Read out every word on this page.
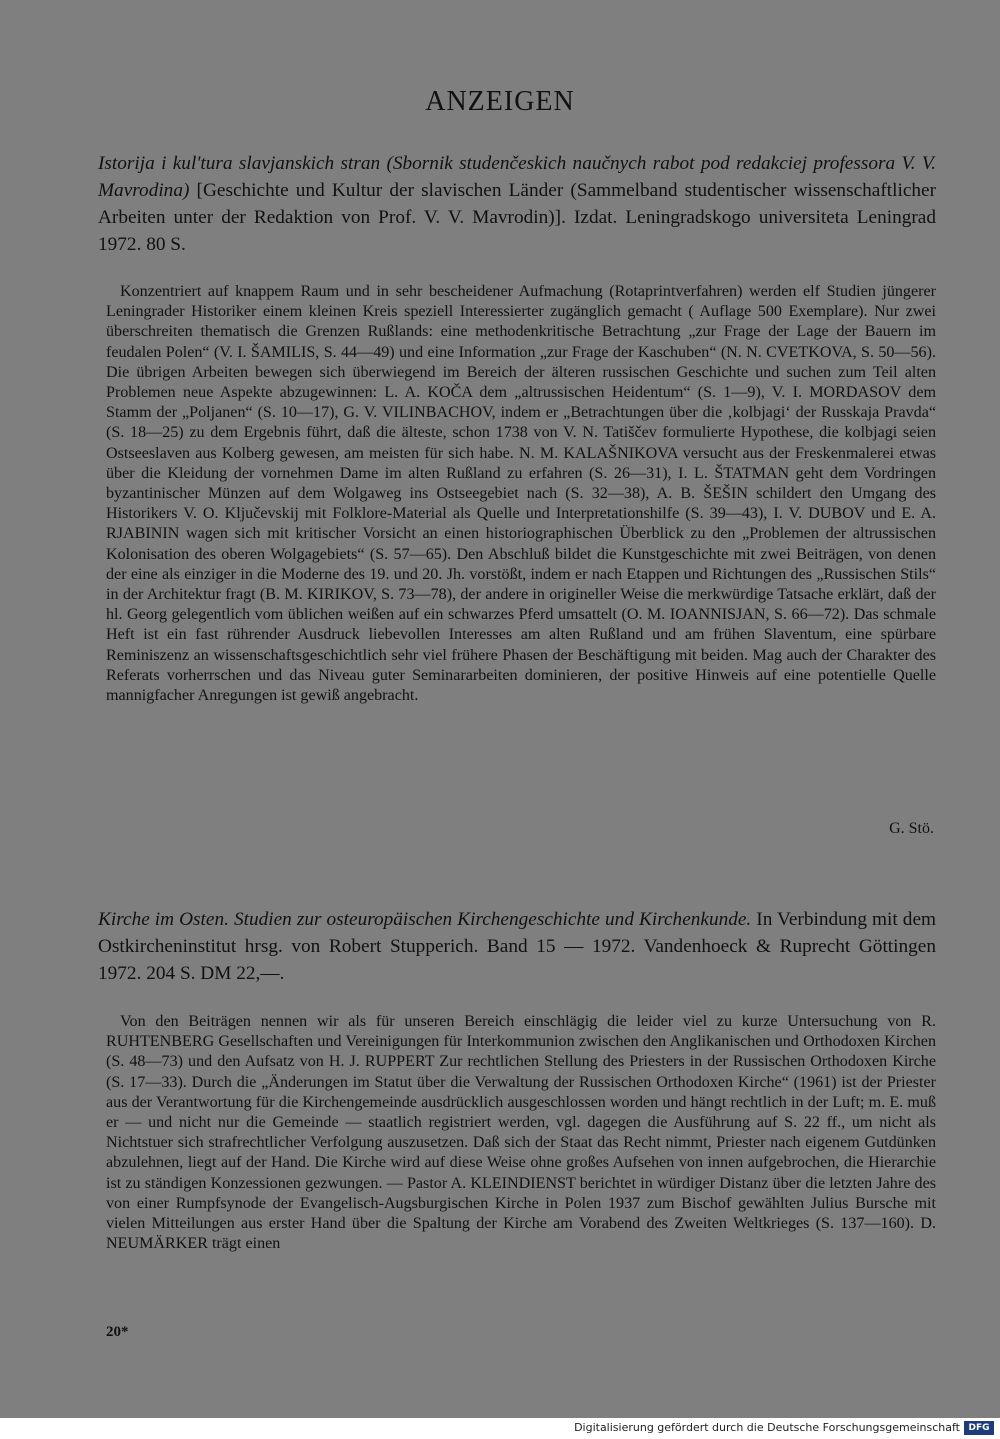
ANZEIGEN

Istorija i kul'tura slavjanskich stran (Sbornik studenčeskich naučnych rabot pod redakciej professora V. V. Mavrodina) [Geschichte und Kultur der slavischen Länder (Sammelband studentischer wissenschaftlicher Arbeiten unter der Redaktion von Prof. V. V. Mavrodin)]. Izdat. Leningradskogo universiteta Leningrad 1972. 80 S.

Konzentriert auf knappem Raum und in sehr bescheidener Aufmachung (Rotaprintverfahren) werden elf Studien jüngerer Leningrader Historiker einem kleinen Kreis speziell Interessierter zugänglich gemacht ( Auflage 500 Exemplare). Nur zwei überschreiten thematisch die Grenzen Rußlands: eine methodenkritische Betrachtung „zur Frage der Lage der Bauern im feudalen Polen“ (V. I. ŠAMILIS, S. 44—49) und eine Information „zur Frage der Kaschuben“ (N. N. CVETKOVA, S. 50—56). Die übrigen Arbeiten bewegen sich überwiegend im Bereich der älteren russischen Geschichte und suchen zum Teil alten Problemen neue Aspekte abzugewinnen: L. A. KOČA dem „altrussischen Heidentum“ (S. 1—9), V. I. MORDASOV dem Stamm der „Poljanen“ (S. 10—17), G. V. VILINBACHOV, indem er „Betrachtungen über die ‚kolbjagi‘ der Russkaja Pravda“ (S. 18—25) zu dem Ergebnis führt, daß die älteste, schon 1738 von V. N. Tatiščev formulierte Hypothese, die kolbjagi seien Ostseeslaven aus Kolberg gewesen, am meisten für sich habe. N. M. KALAŠNIKOVA versucht aus der Freskenmalerei etwas über die Kleidung der vornehmen Dame im alten Rußland zu erfahren (S. 26—31), I. L. ŠTATMAN geht dem Vordringen byzantinischer Münzen auf dem Wolgaweg ins Ostseegebiet nach (S. 32—38), A. B. ŠEŠIN schildert den Umgang des Historikers V. O. Ključevskij mit Folklore-Material als Quelle und Interpretationshilfe (S. 39—43), I. V. DUBOV und E. A. RJABININ wagen sich mit kritischer Vorsicht an einen historiographischen Überblick zu den „Problemen der altrussischen Kolonisation des oberen Wolgagebiets“ (S. 57—65). Den Abschluß bildet die Kunstgeschichte mit zwei Beiträgen, von denen der eine als einziger in die Moderne des 19. und 20. Jh. vorstößt, indem er nach Etappen und Richtungen des „Russischen Stils“ in der Architektur fragt (B. M. KIRIKOV, S. 73—78), der andere in origineller Weise die merkwürdige Tatsache erklärt, daß der hl. Georg gelegentlich vom üblichen weißen auf ein schwarzes Pferd umsattelt (O. M. IOANNISJAN, S. 66—72). Das schmale Heft ist ein fast rührender Ausdruck liebevollen Interesses am alten Rußland und am frühen Slaventum, eine spürbare Reminiszenz an wissenschaftsgeschichtlich sehr viel frühere Phasen der Beschäftigung mit beiden. Mag auch der Charakter des Referats vorherrschen und das Niveau guter Seminararbeiten dominieren, der positive Hinweis auf eine potentielle Quelle mannigfacher Anregungen ist gewiß angebracht.

G. Stö.

Kirche im Osten. Studien zur osteuropäischen Kirchengeschichte und Kirchenkunde. In Verbindung mit dem Ostkircheninstitut hrsg. von Robert Stupperich. Band 15 — 1972. Vandenhoeck & Ruprecht Göttingen 1972. 204 S. DM 22,—.

Von den Beiträgen nennen wir als für unseren Bereich einschlägig die leider viel zu kurze Untersuchung von R. RUHTENBERG Gesellschaften und Vereinigungen für Interkommunion zwischen den Anglikanischen und Orthodoxen Kirchen (S. 48—73) und den Aufsatz von H. J. RUPPERT Zur rechtlichen Stellung des Priesters in der Russischen Orthodoxen Kirche (S. 17—33). Durch die „Änderungen im Statut über die Verwaltung der Russischen Orthodoxen Kirche“ (1961) ist der Priester aus der Verantwortung für die Kirchengemeinde ausdrücklich ausgeschlossen worden und hängt rechtlich in der Luft; m. E. muß er — und nicht nur die Gemeinde — staatlich registriert werden, vgl. dagegen die Ausführung auf S. 22 ff., um nicht als Nichtstuer sich strafrechtlicher Verfolgung auszusetzen. Daß sich der Staat das Recht nimmt, Priester nach eigenem Gutdünken abzulehnen, liegt auf der Hand. Die Kirche wird auf diese Weise ohne großes Aufsehen von innen aufgebrochen, die Hierarchie ist zu ständigen Konzessionen gezwungen. — Pastor A. KLEINDIENST berichtet in würdiger Distanz über die letzten Jahre des von einer Rumpfsynode der Evangelisch-Augsburgischen Kirche in Polen 1937 zum Bischof gewählten Julius Bursche mit vielen Mitteilungen aus erster Hand über die Spaltung der Kirche am Vorabend des Zweiten Weltkrieges (S. 137—160). D. NEUMÄRKER trägt einen

20*
Digitalisierung gefördert durch die Deutsche Forschungsgemeinschaft DFG
